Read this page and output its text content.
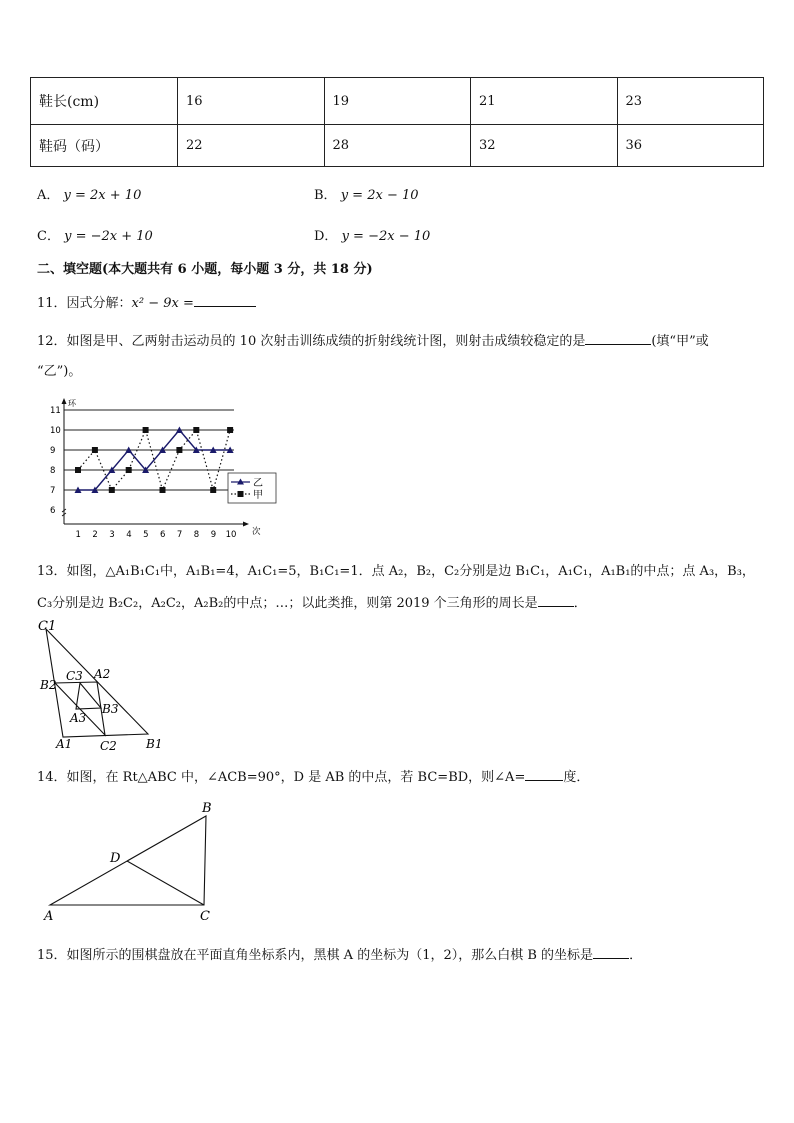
鞋长(cm)	16	19	21	23
鞋码（码）	22	28	32	36
A． y = 2x + 10	B． y = 2x − 10
C． y = −2x + 10	D． y = −2x − 10
二、填空题(本大题共有 6 小题，每小题 3 分，共 18 分)
11．因式分解：x² − 9x =
12．如图是甲、乙两射击运动员的 10 次射击训练成绩的折射线统计图，则射击成绩较稳定的是	(填“甲”或
“乙”)。
6
7
8
9
10
11
1 2 3 4 5 6 7 8 9 10
环
次
乙
甲
13．如图，△A₁B₁C₁中，A₁B₁=4，A₁C₁=5，B₁C₁=1．点 A₂，B₂，C₂分别是边 B₁C₁，A₁C₁，A₁B₁的中点；点 A₃，B₃，
C₃分别是边 B₂C₂，A₂C₂，A₂B₂的中点；…；以此类推，则第 2019 个三角形的周长是	．
C1
A2
C3
B2
B3
A3
A1 C2 B1
14．如图，在 Rt△ABC 中，∠ACB=90°，D 是 AB 的中点，若 BC=BD，则∠A=	度．
B
D
A	C
15．如图所示的围棋盘放在平面直角坐标系内，黑棋 A 的坐标为（1，2），那么白棋 B 的坐标是	．
